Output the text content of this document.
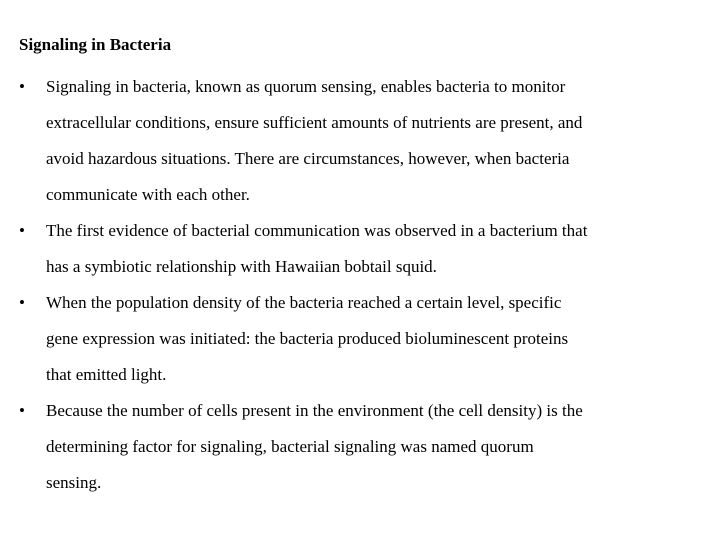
Signaling in Bacteria
•	Signaling in bacteria, known as quorum sensing, enables bacteria to monitor
extracellular conditions, ensure sufficient amounts of nutrients are present, and
avoid hazardous situations. There are circumstances, however, when bacteria
communicate with each other.
•	The first evidence of bacterial communication was observed in a bacterium that
has a symbiotic relationship with Hawaiian bobtail squid.
•	When the population density of the bacteria reached a certain level, specific
gene expression was initiated: the bacteria produced bioluminescent proteins
that emitted light.
•	Because the number of cells present in the environment (the cell density) is the
determining factor for signaling, bacterial signaling was named quorum
sensing.
